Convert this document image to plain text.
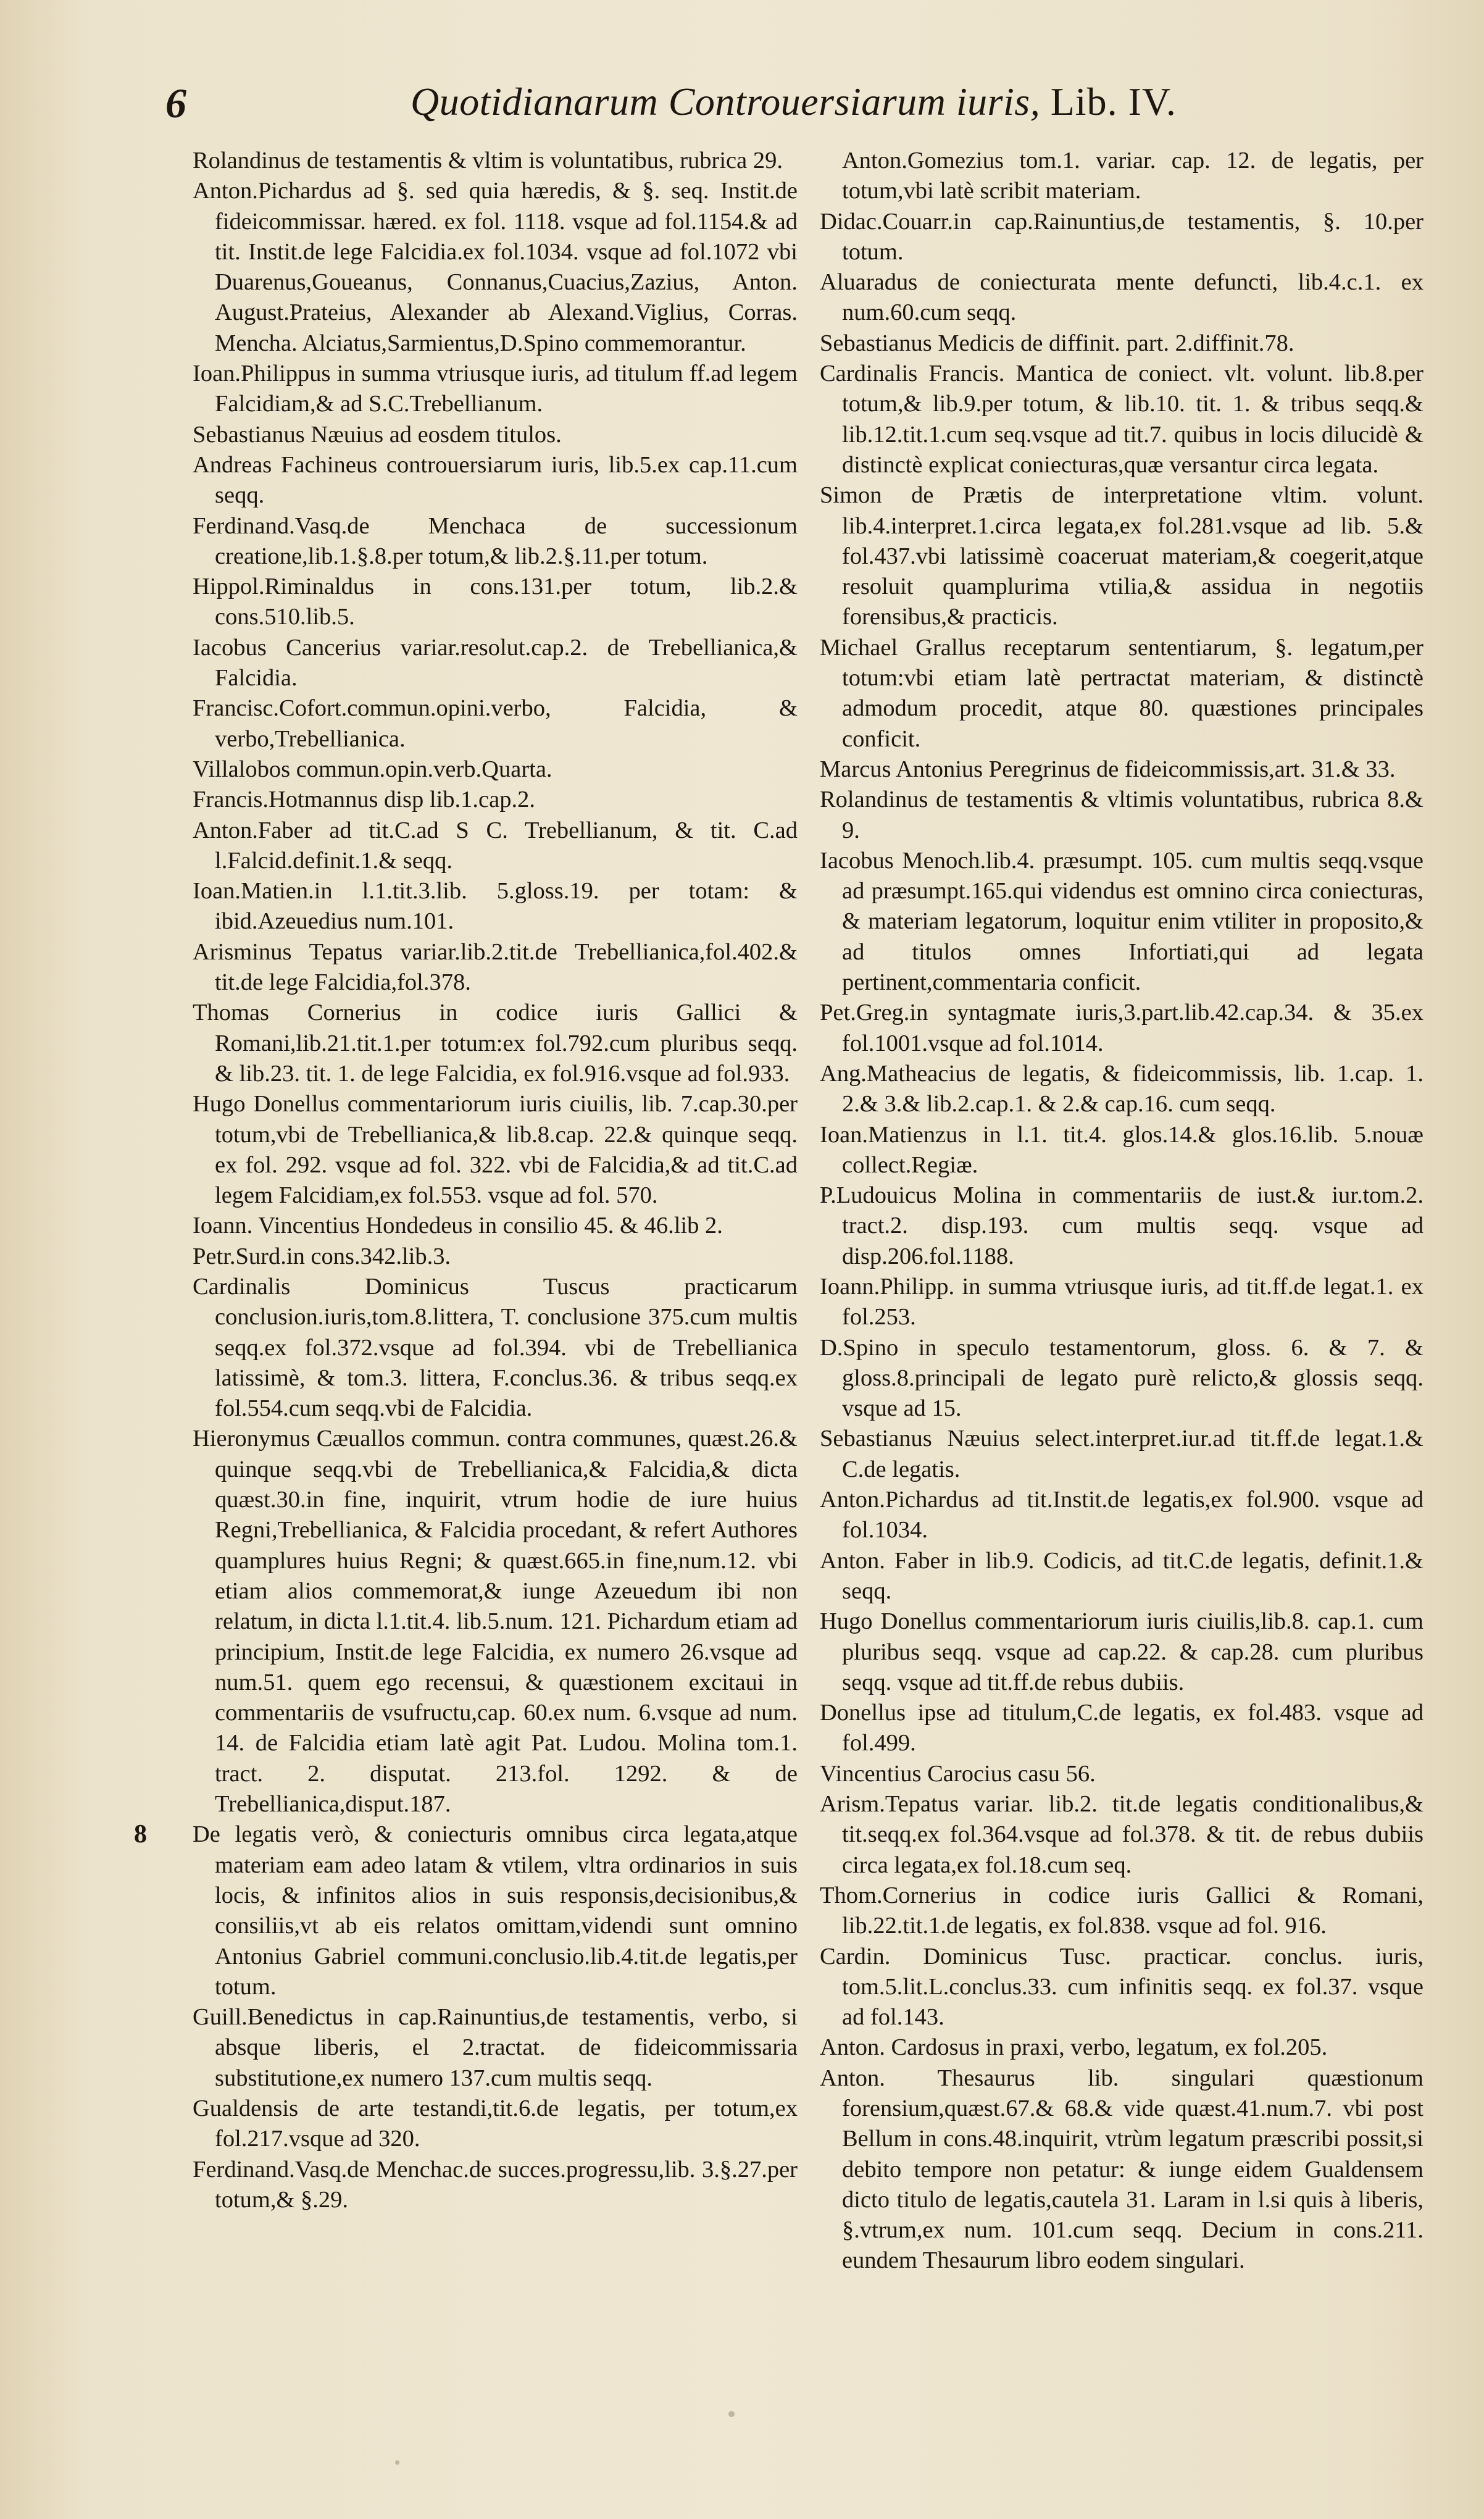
6	Quotidianarum Controuersiarum iuris, Lib. IV.

Rolandinus de testamentis & vltim is voluntatibus, rubrica 29.

Anton.Pichardus ad §. sed quia hæredis, & §. seq. Instit.de fideicommissar. hæred. ex fol. 1118. vsque ad fol.1154.& ad tit. Instit.de lege Falcidia.ex fol.1034. vsque ad fol.1072 vbi Duarenus,Goueanus, Connanus,Cuacius,Zazius, Anton. August.Prateius, Alexander ab Alexand.Viglius, Corras. Mencha. Alciatus,Sarmientus,D.Spino commemorantur.

Ioan.Philippus in summa vtriusque iuris, ad titulum ff.ad legem Falcidiam,& ad S.C.Trebellianum.

Sebastianus Næuius ad eosdem titulos.

Andreas Fachineus controuersiarum iuris, lib.5.ex cap.11.cum seqq.

Ferdinand.Vasq.de Menchaca de successionum creatione,lib.1.§.8.per totum,& lib.2.§.11.per totum.

Hippol.Riminaldus in cons.131.per totum, lib.2.& cons.510.lib.5.

Iacobus Cancerius variar.resolut.cap.2. de Trebellianica,& Falcidia.

Francisc.Cofort.commun.opini.verbo, Falcidia, & verbo,Trebellianica.

Villalobos commun.opin.verb.Quarta.

Francis.Hotmannus disp lib.1.cap.2.

Anton.Faber ad tit.C.ad S C. Trebellianum, & tit. C.ad l.Falcid.definit.1.& seqq.

Ioan.Matien.in l.1.tit.3.lib. 5.gloss.19. per totam: & ibid.Azeuedius num.101.

Arisminus Tepatus variar.lib.2.tit.de Trebellianica,fol.402.& tit.de lege Falcidia,fol.378.

Thomas Cornerius in codice iuris Gallici & Romani,lib.21.tit.1.per totum:ex fol.792.cum pluribus seqq. & lib.23. tit. 1. de lege Falcidia, ex fol.916.vsque ad fol.933.

Hugo Donellus commentariorum iuris ciuilis, lib. 7.cap.30.per totum,vbi de Trebellianica,& lib.8.cap. 22.& quinque seqq. ex fol. 292. vsque ad fol. 322. vbi de Falcidia,& ad tit.C.ad legem Falcidiam,ex fol.553. vsque ad fol. 570.

Ioann. Vincentius Hondedeus in consilio 45. & 46.lib 2.

Petr.Surd.in cons.342.lib.3.

Cardinalis Dominicus Tuscus practicarum conclusion.iuris,tom.8.littera, T. conclusione 375.cum multis seqq.ex fol.372.vsque ad fol.394. vbi de Trebellianica latissimè, & tom.3. littera, F.conclus.36. & tribus seqq.ex fol.554.cum seqq.vbi de Falcidia.

Hieronymus Cæuallos commun. contra communes, quæst.26.& quinque seqq.vbi de Trebellianica,& Falcidia,& dicta quæst.30.in fine, inquirit, vtrum hodie de iure huius Regni,Trebellianica, & Falcidia procedant, & refert Authores quamplures huius Regni; & quæst.665.in fine,num.12. vbi etiam alios commemorat,& iunge Azeuedum ibi non relatum, in dicta l.1.tit.4. lib.5.num. 121. Pichardum etiam ad principium, Instit.de lege Falcidia, ex numero 26.vsque ad num.51. quem ego recensui, & quæstionem excitaui in commentariis de vsufructu,cap. 60.ex num. 6.vsque ad num. 14. de Falcidia etiam latè agit Pat. Ludou. Molina tom.1. tract. 2. disputat. 213.fol. 1292. & de Trebellianica,disput.187.

8 De legatis verò, & coniecturis omnibus circa legata,atque materiam eam adeo latam & vtilem, vltra ordinarios in suis locis, & infinitos alios in suis responsis,decisionibus,& consiliis,vt ab eis relatos omittam,videndi sunt omnino Antonius Gabriel communi.conclusio.lib.4.tit.de legatis,per totum.

Guill.Benedictus in cap.Rainuntius,de testamentis, verbo, si absque liberis, el 2.tractat. de fideicommissaria substitutione,ex numero 137.cum multis seqq.

Gualdensis de arte testandi,tit.6.de legatis, per totum,ex fol.217.vsque ad 320.

Ferdinand.Vasq.de Menchac.de succes.progressu,lib. 3.§.27.per totum,& §.29.

Anton.Gomezius tom.1. variar. cap. 12. de legatis, per totum,vbi latè scribit materiam.

Didac.Couarr.in cap.Rainuntius,de testamentis, §. 10.per totum.

Aluaradus de coniecturata mente defuncti, lib.4.c.1. ex num.60.cum seqq.

Sebastianus Medicis de diffinit. part. 2.diffinit.78.

Cardinalis Francis. Mantica de coniect. vlt. volunt. lib.8.per totum,& lib.9.per totum, & lib.10. tit. 1. & tribus seqq.& lib.12.tit.1.cum seq.vsque ad tit.7. quibus in locis dilucidè & distinctè explicat coniecturas,quæ versantur circa legata.

Simon de Prætis de interpretatione vltim. volunt. lib.4.interpret.1.circa legata,ex fol.281.vsque ad lib. 5.& fol.437.vbi latissimè coaceruat materiam,& coegerit,atque resoluit quamplurima vtilia,& assidua in negotiis forensibus,& practicis.

Michael Grallus receptarum sententiarum, §. legatum,per totum:vbi etiam latè pertractat materiam, & distinctè admodum procedit, atque 80. quæstiones principales conficit.

Marcus Antonius Peregrinus de fideicommissis,art. 31.& 33.

Rolandinus de testamentis & vltimis voluntatibus, rubrica 8.& 9.

Iacobus Menoch.lib.4. præsumpt. 105. cum multis seqq.vsque ad præsumpt.165.qui videndus est omnino circa coniecturas, & materiam legatorum, loquitur enim vtiliter in proposito,& ad titulos omnes Infortiati,qui ad legata pertinent,commentaria conficit.

Pet.Greg.in syntagmate iuris,3.part.lib.42.cap.34. & 35.ex fol.1001.vsque ad fol.1014.

Ang.Matheacius de legatis, & fideicommissis, lib. 1.cap. 1. 2.& 3.& lib.2.cap.1. & 2.& cap.16. cum seqq.

Ioan.Matienzus in l.1. tit.4. glos.14.& glos.16.lib. 5.nouæ collect.Regiæ.

P.Ludouicus Molina in commentariis de iust.& iur.tom.2. tract.2. disp.193. cum multis seqq. vsque ad disp.206.fol.1188.

Ioann.Philipp. in summa vtriusque iuris, ad tit.ff.de legat.1. ex fol.253.

D.Spino in speculo testamentorum, gloss. 6. & 7. & gloss.8.principali de legato purè relicto,& glossis seqq. vsque ad 15.

Sebastianus Næuius select.interpret.iur.ad tit.ff.de legat.1.& C.de legatis.

Anton.Pichardus ad tit.Instit.de legatis,ex fol.900. vsque ad fol.1034.

Anton. Faber in lib.9. Codicis, ad tit.C.de legatis, definit.1.& seqq.

Hugo Donellus commentariorum iuris ciuilis,lib.8. cap.1. cum pluribus seqq. vsque ad cap.22. & cap.28. cum pluribus seqq. vsque ad tit.ff.de rebus dubiis.

Donellus ipse ad titulum,C.de legatis, ex fol.483. vsque ad fol.499.

Vincentius Carocius casu 56.

Arism.Tepatus variar. lib.2. tit.de legatis conditionalibus,& tit.seqq.ex fol.364.vsque ad fol.378. & tit. de rebus dubiis circa legata,ex fol.18.cum seq.

Thom.Cornerius in codice iuris Gallici & Romani, lib.22.tit.1.de legatis, ex fol.838. vsque ad fol. 916.

Cardin. Dominicus Tusc. practicar. conclus. iuris, tom.5.lit.L.conclus.33. cum infinitis seqq. ex fol.37. vsque ad fol.143.

Anton. Cardosus in praxi, verbo, legatum, ex fol.205.

Anton. Thesaurus lib. singulari quæstionum forensium,quæst.67.& 68.& vide quæst.41.num.7. vbi post Bellum in cons.48.inquirit, vtrùm legatum præscribi possit,si debito tempore non petatur: & iunge eidem Gualdensem dicto titulo de legatis,cautela 31. Laram in l.si quis à liberis, §.vtrum,ex num. 101.cum seqq. Decium in cons.211. eundem Thesaurum libro eodem singulari.
